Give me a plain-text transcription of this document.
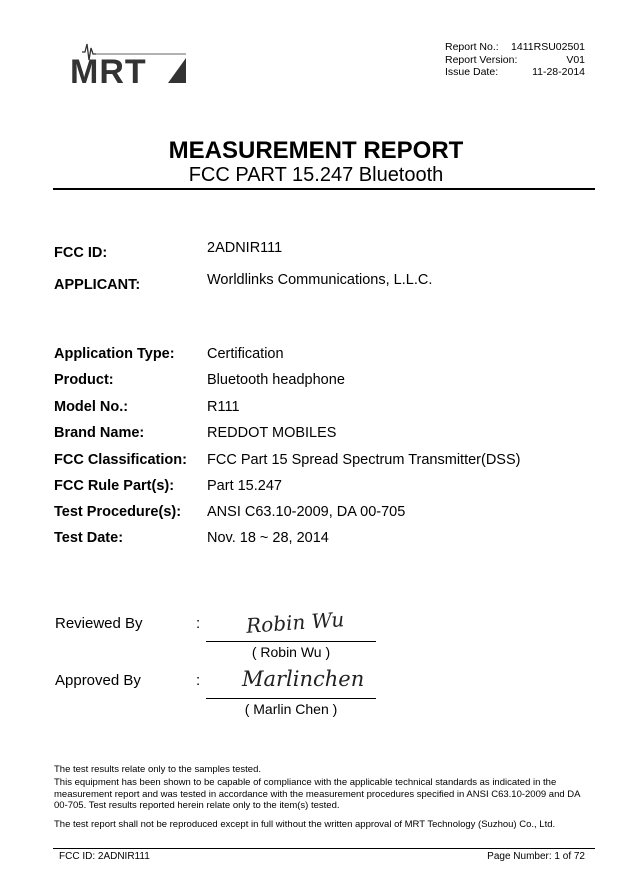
MRT
Report No.: 1411RSU02501
Report Version:	V01
Issue Date:	11-28-2014
MEASUREMENT REPORT
FCC PART 15.247 Bluetooth
FCC ID:	2ADNIR111
APPLICANT:	Worldlinks Communications, L.L.C.
Application Type: Certification
Product:	Bluetooth headphone
Model No.:	R111
Brand Name:	REDDOT MOBILES
FCC Classification: FCC Part 15 Spread Spectrum Transmitter(DSS)
FCC Rule Part(s): Part 15.247
Test Procedure(s): ANSI C63.10-2009, DA 00-705
Test Date:	Nov. 18 ~ 28, 2014
Reviewed By	: Robin Wu
( Robin Wu )
Approved By	: Marlinchen
( Marlin Chen )
The test results relate only to the samples tested.
This equipment has been shown to be capable of compliance with the applicable technical standards as indicated in the measurement report and was tested in accordance with the measurement procedures specified in ANSI C63.10-2009 and DA 00-705. Test results reported herein relate only to the item(s) tested.
The test report shall not be reproduced except in full without the written approval of MRT Technology (Suzhou) Co., Ltd.
FCC ID: 2ADNIR111	Page Number: 1 of 72
